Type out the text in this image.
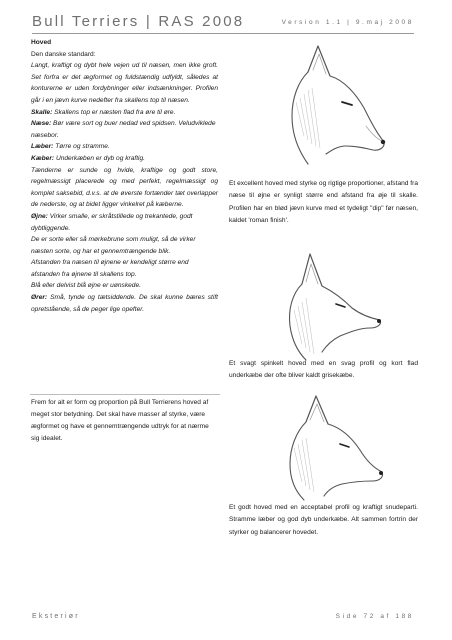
Bull Terriers | RAS 2008	Version 1.1 | 9.maj 2008

Hoved

Den danske standard:

Langt, kraftigt og dybt hele vejen ud til næsen, men ikke groft. Set forfra er det ægformet og fuldstændig udfyldt, således at konturerne er uden fordybninger eller indsænkninger. Profilen går i en jævn kurve nedefter fra skallens top til næsen.

Skalle: Skallens top er næsten flad fra øre til øre.

Næse: Bør være sort og buer nedad ved spidsen. Veludviklede næsebor.

Læber: Tørre og stramme.

Kæber: Underkæben er dyb og kraftig.

Tænderne er sunde og hvide, kraftige og godt store, regelmæssigt placerede og med perfekt, regelmæssigt og komplet saksebid, d.v.s. at de øverste fortænder tæt overlapper de nederste, og at bidet ligger vinkelret på kæberne.

Øjne: Virker smalle, er skråtstillede og trekantede, godt dybtliggende.

De er sorte eller så mørkebrune som muligt, så de virker næsten sorte, og har et gennemtrængende blik.

Afstanden fra næsen til øjnene er kendeligt større end afstanden fra øjnene til skallens top.

Blå eller delvist blå øjne er uønskede.

Ører: Små, tynde og tætsiddende. De skal kunne bæres stift opretstående, så de peger lige opefter.

Frem for alt er form og proportion på Bull Terrierens hoved af meget stor betydning. Det skal have masser af styrke, være ægformet og have et gennemtrængende udtryk for at nærme sig idealet.

Et excellent hoved med styrke og rigtige proportioner, afstand fra næse til øjne er synligt større end afstand fra øje til skalle. Profilen har en blød jævn kurve med et tydeligt "dip" før næsen, kaldet 'roman finish'.

Et svagt spinkelt hoved med en svag profil og kort flad underkæbe der ofte bliver kaldt grisekæbe.

Et godt hoved med en acceptabel profil og kraftigt snudeparti. Stramme læber og god dyb underkæbe. Alt sammen fortrin der styrker og balancerer hovedet.

Eksteriør	Side 72 af 188
